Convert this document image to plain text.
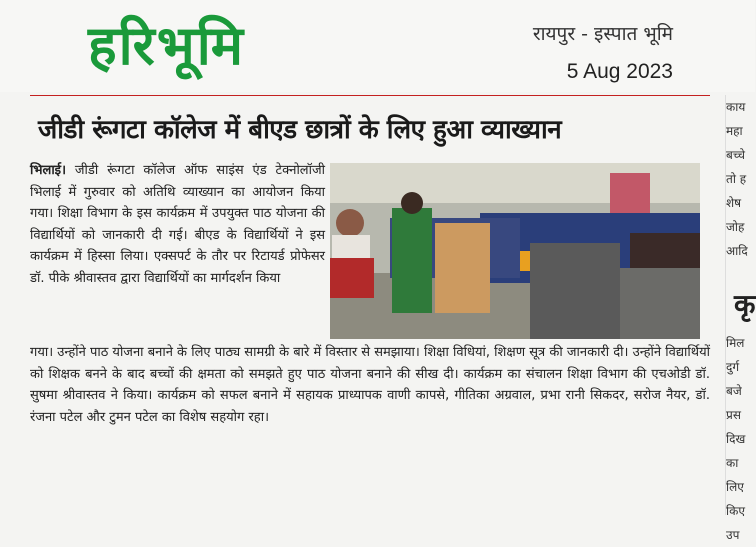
हरिभूमि	रायपुर - इस्पात भूमि
5 Aug 2023
जीडी रूंगटा कॉलेज में बीएड छात्रों के लिए हुआ व्याख्यान
भिलाई। जीडी रूंगटा कॉलेज ऑफ साइंस एंड टेक्नोलॉजी भिलाई में गुरुवार को अतिथि व्याख्यान का आयोजन किया गया। शिक्षा विभाग के इस कार्यक्रम में उपयुक्त पाठ योजना की विद्यार्थियों को जानकारी दी गई। बीएड के विद्यार्थियों ने इस कार्यक्रम में हिस्सा लिया। एक्सपर्ट के तौर पर रिटायर्ड प्रोफेसर डॉ. पीके श्रीवास्तव द्वारा विद्यार्थियों का मार्गदर्शन किया
गया। उन्होंने पाठ योजना बनाने के लिए पाठ्य सामग्री के बारे में विस्तार से समझाया। शिक्षा विधियां, शिक्षण सूत्र की जानकारी दी। उन्होंने विद्यार्थियों को शिक्षक बनने के बाद बच्चों की क्षमता को समझते हुए पाठ योजना बनाने की सीख दी। कार्यक्रम का संचालन शिक्षा विभाग की एचओडी डॉ. सुषमा श्रीवास्तव ने किया। कार्यक्रम को सफल बनाने में सहायक प्राध्यापक वाणी कापसे, गीतिका अग्रवाल, प्रभा रानी सिकदर, सरोज नैयर, डॉ. रंजना पटेल और टुमन पटेल का विशेष सहयोग रहा।
काय
महा
बच्चे
तो ह
शेष
जोह
आदि
कृ
मिल
दुर्ग
बजे
प्रस
दिख
का
लिए
किए
उप
